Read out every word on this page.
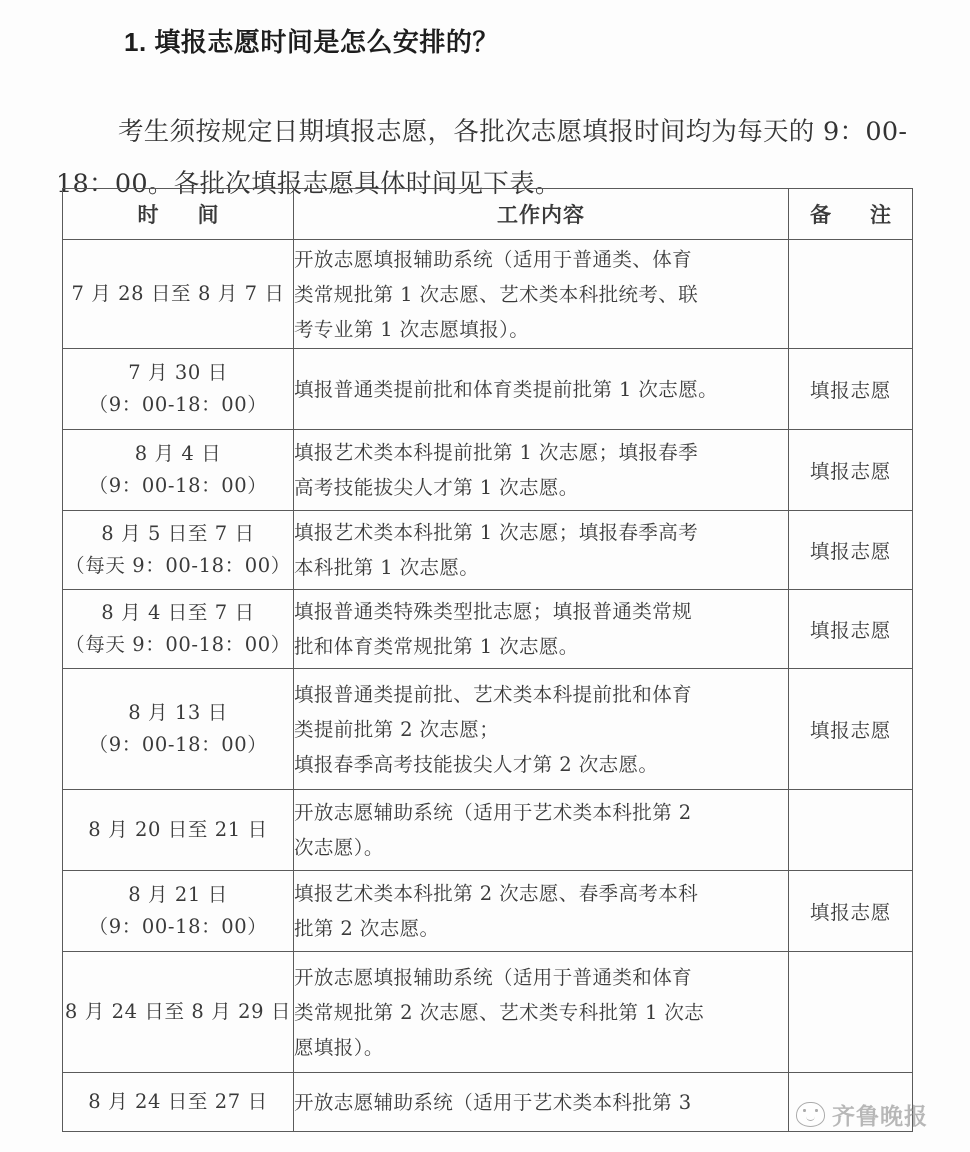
1. 填报志愿时间是怎么安排的？

考生须按规定日期填报志愿，各批次志愿填报时间均为每天的 9：00-18：00。各批次填报志愿具体时间见下表。

时　间	工作内容	备　注

7 月 28 日至 8 月 7 日	开放志愿填报辅助系统（适用于普通类、体育
类常规批第 1 次志愿、艺术类本科批统考、联
考专业第 1 次志愿填报）。	

7 月 30 日
（9：00-18：00）	填报普通类提前批和体育类提前批第 1 次志愿。	填报志愿

8 月 4 日
（9：00-18：00）	填报艺术类本科提前批第 1 次志愿；填报春季
高考技能拔尖人才第 1 次志愿。	填报志愿

8 月 5 日至 7 日
（每天 9：00-18：00）	填报艺术类本科批第 1 次志愿；填报春季高考
本科批第 1 次志愿。	填报志愿

8 月 4 日至 7 日
（每天 9：00-18：00）	填报普通类特殊类型批志愿；填报普通类常规
批和体育类常规批第 1 次志愿。	填报志愿

8 月 13 日
（9：00-18：00）	填报普通类提前批、艺术类本科提前批和体育
类提前批第 2 次志愿；
填报春季高考技能拔尖人才第 2 次志愿。	填报志愿

8 月 20 日至 21 日	开放志愿辅助系统（适用于艺术类本科批第 2
次志愿）。	

8 月 21 日
（9：00-18：00）	填报艺术类本科批第 2 次志愿、春季高考本科
批第 2 次志愿。	填报志愿

8 月 24 日至 8 月 29 日	开放志愿填报辅助系统（适用于普通类和体育
类常规批第 2 次志愿、艺术类专科批第 1 次志
愿填报）。	

8 月 24 日至 27 日	开放志愿辅助系统（适用于艺术类本科批第 3	

齐鲁晚报
